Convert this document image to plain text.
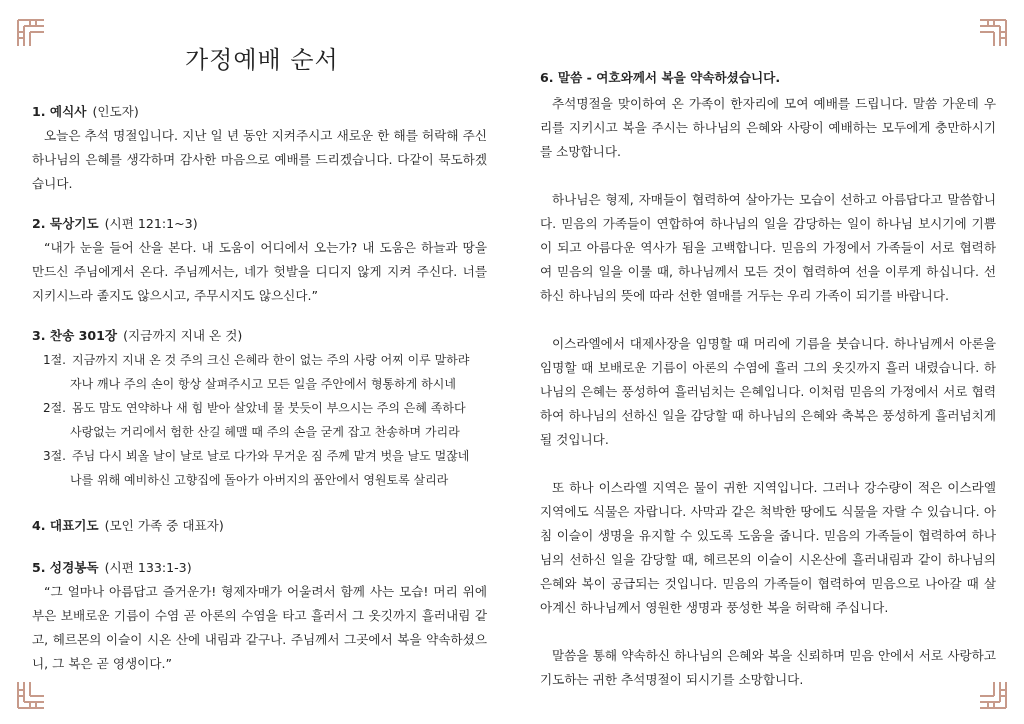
가정예배 순서

1. 예식사 (인도자)

오늘은 추석 명절입니다. 지난 일 년 동안 지켜주시고 새로운 한 해를 허락해 주신 하나님의 은혜를 생각하며 감사한 마음으로 예배를 드리겠습니다. 다같이 묵도하겠습니다.

2. 묵상기도 (시편 121:1~3)

“내가 눈을 들어 산을 본다. 내 도움이 어디에서 오는가? 내 도움은 하늘과 땅을 만드신 주님에게서 온다. 주님께서는, 네가 헛발을 디디지 않게 지켜 주신다. 너를 지키시느라 졸지도 않으시고, 주무시지도 않으신다.”

3. 찬송 301장 (지금까지 지내 온 것)

1절. 지금까지 지내 온 것 주의 크신 은혜라 한이 없는 주의 사랑 어찌 이루 말하랴

자나 깨나 주의 손이 항상 살펴주시고 모든 일을 주안에서 형통하게 하시네

2절. 몸도 맘도 연약하나 새 힘 받아 살았네 물 붓듯이 부으시는 주의 은혜 족하다

사랑없는 거리에서 험한 산길 헤맬 때 주의 손을 굳게 잡고 찬송하며 가리라

3절. 주님 다시 뵈올 날이 날로 날로 다가와 무거운 짐 주께 맡겨 벗을 날도 멀잖네

나를 위해 예비하신 고향집에 돌아가 아버지의 품안에서 영원토록 살리라

4. 대표기도 (모인 가족 중 대표자)

5. 성경봉독 (시편 133:1-3)

“그 얼마나 아름답고 즐거운가! 형제자매가 어울려서 함께 사는 모습! 머리 위에 부은 보배로운 기름이 수염 곧 아론의 수염을 타고 흘러서 그 옷깃까지 흘러내림 같고, 헤르몬의 이슬이 시온 산에 내림과 같구나. 주님께서 그곳에서 복을 약속하셨으니, 그 복은 곧 영생이다.”

6. 말씀 - 여호와께서 복을 약속하셨습니다.

추석명절을 맞이하여 온 가족이 한자리에 모여 예배를 드립니다. 말씀 가운데 우리를 지키시고 복을 주시는 하나님의 은혜와 사랑이 예배하는 모두에게 충만하시기를 소망합니다.

하나님은 형제, 자매들이 협력하여 살아가는 모습이 선하고 아름답다고 말씀합니다. 믿음의 가족들이 연합하여 하나님의 일을 감당하는 일이 하나님 보시기에 기쁨이 되고 아름다운 역사가 됨을 고백합니다. 믿음의 가정에서 가족들이 서로 협력하여 믿음의 일을 이룰 때, 하나님께서 모든 것이 협력하여 선을 이루게 하십니다. 선하신 하나님의 뜻에 따라 선한 열매를 거두는 우리 가족이 되기를 바랍니다.

이스라엘에서 대제사장을 임명할 때 머리에 기름을 붓습니다. 하나님께서 아론을 임명할 때 보배로운 기름이 아론의 수염에 흘러 그의 옷깃까지 흘러 내렸습니다. 하나님의 은혜는 풍성하여 흘러넘치는 은혜입니다. 이처럼 믿음의 가정에서 서로 협력하여 하나님의 선하신 일을 감당할 때 하나님의 은혜와 축복은 풍성하게 흘러넘치게 될 것입니다.

또 하나 이스라엘 지역은 물이 귀한 지역입니다. 그러나 강수량이 적은 이스라엘 지역에도 식물은 자랍니다. 사막과 같은 척박한 땅에도 식물을 자랄 수 있습니다. 아침 이슬이 생명을 유지할 수 있도록 도움을 줍니다. 믿음의 가족들이 협력하여 하나님의 선하신 일을 감당할 때, 헤르몬의 이슬이 시온산에 흘러내림과 같이 하나님의 은혜와 복이 공급되는 것입니다. 믿음의 가족들이 협력하여 믿음으로 나아갈 때 살아계신 하나님께서 영원한 생명과 풍성한 복을 허락해 주십니다.

말씀을 통해 약속하신 하나님의 은혜와 복을 신뢰하며 믿음 안에서 서로 사랑하고 기도하는 귀한 추석명절이 되시기를 소망합니다.
